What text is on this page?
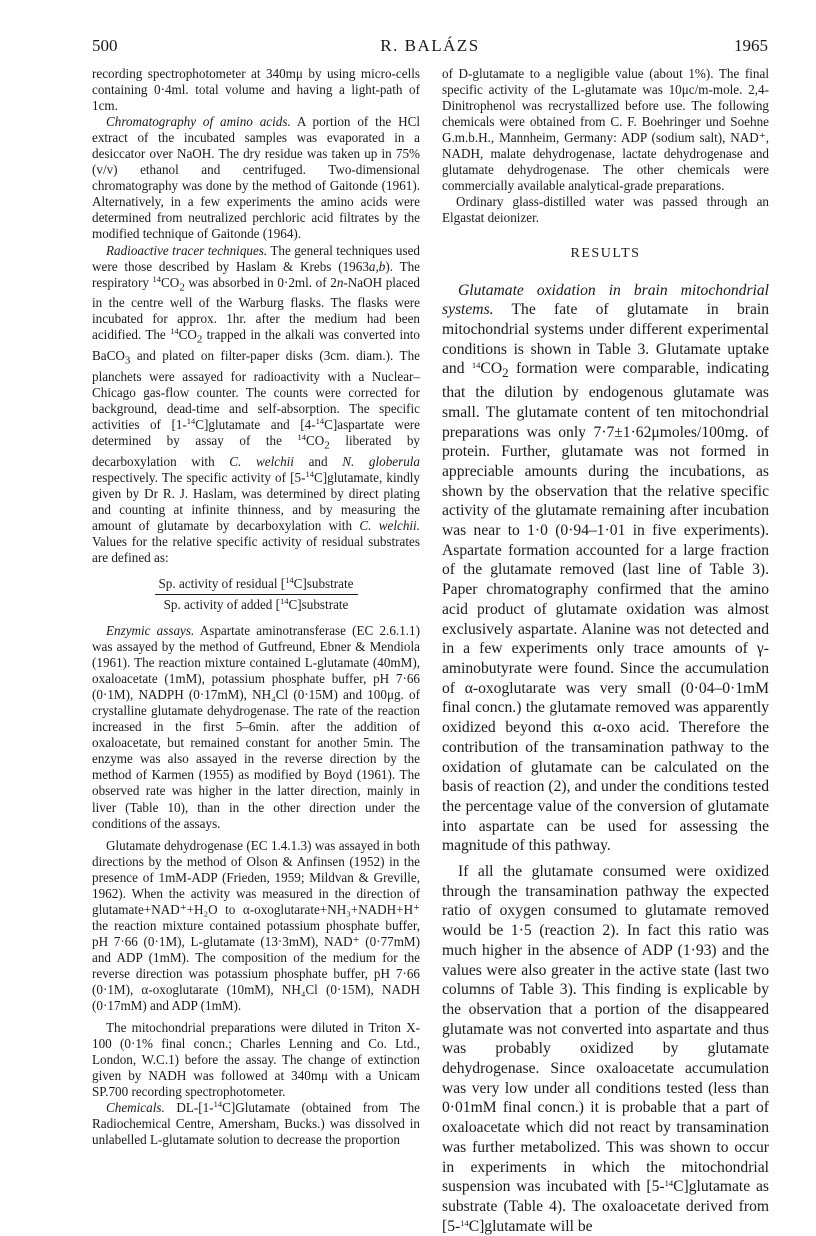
500	R. BALÁZS	1965

recording spectrophotometer at 340mμ by using micro-cells containing 0·4ml. total volume and having a light-path of 1cm.

Chromatography of amino acids. A portion of the HCl extract of the incubated samples was evaporated in a desiccator over NaOH. The dry residue was taken up in 75% (v/v) ethanol and centrifuged. Two-dimensional chromatography was done by the method of Gaitonde (1961). Alternatively, in a few experiments the amino acids were determined from neutralized perchloric acid filtrates by the modified technique of Gaitonde (1964).

Radioactive tracer techniques. The general techniques used were those described by Haslam & Krebs (1963a,b). The respiratory $^{14}CO_2$ was absorbed in 0·2ml. of 2n-NaOH placed in the centre well of the Warburg flasks. The flasks were incubated for approx. 1hr. after the medium had been acidified. The $^{14}CO_2$ trapped in the alkali was converted into BaCO$_3$ and plated on filter-paper disks (3cm. diam.). The planchets were assayed for radioactivity with a Nuclear–Chicago gas-flow counter. The counts were corrected for background, dead-time and self-absorption. The specific activities of [1-$^{14}$C]glutamate and [4-$^{14}$C]aspartate were determined by assay of the $^{14}CO_2$ liberated by decarboxylation with C. welchii and N. globerula respectively. The specific activity of [5-$^{14}$C]glutamate, kindly given by Dr R. J. Haslam, was determined by direct plating and counting at infinite thinness, and by measuring the amount of glutamate by decarboxylation with C. welchii. Values for the relative specific activity of residual substrates are defined as:

Sp. activity of residual [$^{14}$C]substrate
Sp. activity of added [$^{14}$C]substrate

Enzymic assays. Aspartate aminotransferase (EC 2.6.1.1) was assayed by the method of Gutfreund, Ebner & Mendiola (1961). The reaction mixture contained L-glutamate (40mM), oxaloacetate (1mM), potassium phosphate buffer, pH 7·66 (0·1M), NADPH (0·17mM), NH₄Cl (0·15M) and 100μg. of crystalline glutamate dehydrogenase. The rate of the reaction increased in the first 5–6min. after the addition of oxaloacetate, but remained constant for another 5min. The enzyme was also assayed in the reverse direction by the method of Karmen (1955) as modified by Boyd (1961). The observed rate was higher in the latter direction, mainly in liver (Table 10), than in the other direction under the conditions of the assays.

Glutamate dehydrogenase (EC 1.4.1.3) was assayed in both directions by the method of Olson & Anfinsen (1952) in the presence of 1mM-ADP (Frieden, 1959; Mildvan & Greville, 1962). When the activity was measured in the direction of glutamate+NAD⁺+H₂O to α-oxoglutarate+NH₃+NADH+H⁺ the reaction mixture contained potassium phosphate buffer, pH 7·66 (0·1M), L-glutamate (13·3mM), NAD⁺ (0·77mM) and ADP (1mM). The composition of the medium for the reverse direction was potassium phosphate buffer, pH 7·66 (0·1M), α-oxoglutarate (10mM), NH₄Cl (0·15M), NADH (0·17mM) and ADP (1mM).

The mitochondrial preparations were diluted in Triton X-100 (0·1% final concn.; Charles Lenning and Co. Ltd., London, W.C.1) before the assay. The change of extinction given by NADH was followed at 340mμ with a Unicam SP.700 recording spectrophotometer.

Chemicals. DL-[1-$^{14}$C]Glutamate (obtained from The Radiochemical Centre, Amersham, Bucks.) was dissolved in unlabelled L-glutamate solution to decrease the proportion

of D-glutamate to a negligible value (about 1%). The final specific activity of the L-glutamate was 10μc/m-mole. 2,4-Dinitrophenol was recrystallized before use. The following chemicals were obtained from C. F. Boehringer und Soehne G.m.b.H., Mannheim, Germany: ADP (sodium salt), NAD⁺, NADH, malate dehydrogenase, lactate dehydrogenase and glutamate dehydrogenase. The other chemicals were commercially available analytical-grade preparations.

Ordinary glass-distilled water was passed through an Elgastat deionizer.

RESULTS

Glutamate oxidation in brain mitochondrial systems. The fate of glutamate in brain mitochondrial systems under different experimental conditions is shown in Table 3. Glutamate uptake and $^{14}CO_2$ formation were comparable, indicating that the dilution by endogenous glutamate was small. The glutamate content of ten mitochondrial preparations was only 7·7±1·62μmoles/100mg. of protein. Further, glutamate was not formed in appreciable amounts during the incubations, as shown by the observation that the relative specific activity of the glutamate remaining after incubation was near to 1·0 (0·94–1·01 in five experiments). Aspartate formation accounted for a large fraction of the glutamate removed (last line of Table 3). Paper chromatography confirmed that the amino acid product of glutamate oxidation was almost exclusively aspartate. Alanine was not detected and in a few experiments only trace amounts of γ-aminobutyrate were found. Since the accumulation of α-oxoglutarate was very small (0·04–0·1mM final concn.) the glutamate removed was apparently oxidized beyond this α-oxo acid. Therefore the contribution of the transamination pathway to the oxidation of glutamate can be calculated on the basis of reaction (2), and under the conditions tested the percentage value of the conversion of glutamate into aspartate can be used for assessing the magnitude of this pathway.

If all the glutamate consumed were oxidized through the transamination pathway the expected ratio of oxygen consumed to glutamate removed would be 1·5 (reaction 2). In fact this ratio was much higher in the absence of ADP (1·93) and the values were also greater in the active state (last two columns of Table 3). This finding is explicable by the observation that a portion of the disappeared glutamate was not converted into aspartate and thus was probably oxidized by glutamate dehydrogenase. Since oxaloacetate accumulation was very low under all conditions tested (less than 0·01mM final concn.) it is probable that a part of oxaloacetate which did not react by transamination was further metabolized. This was shown to occur in experiments in which the mitochondrial suspension was incubated with [5-$^{14}$C]glutamate as substrate (Table 4). The oxaloacetate derived from [5-$^{14}$C]glutamate will be
